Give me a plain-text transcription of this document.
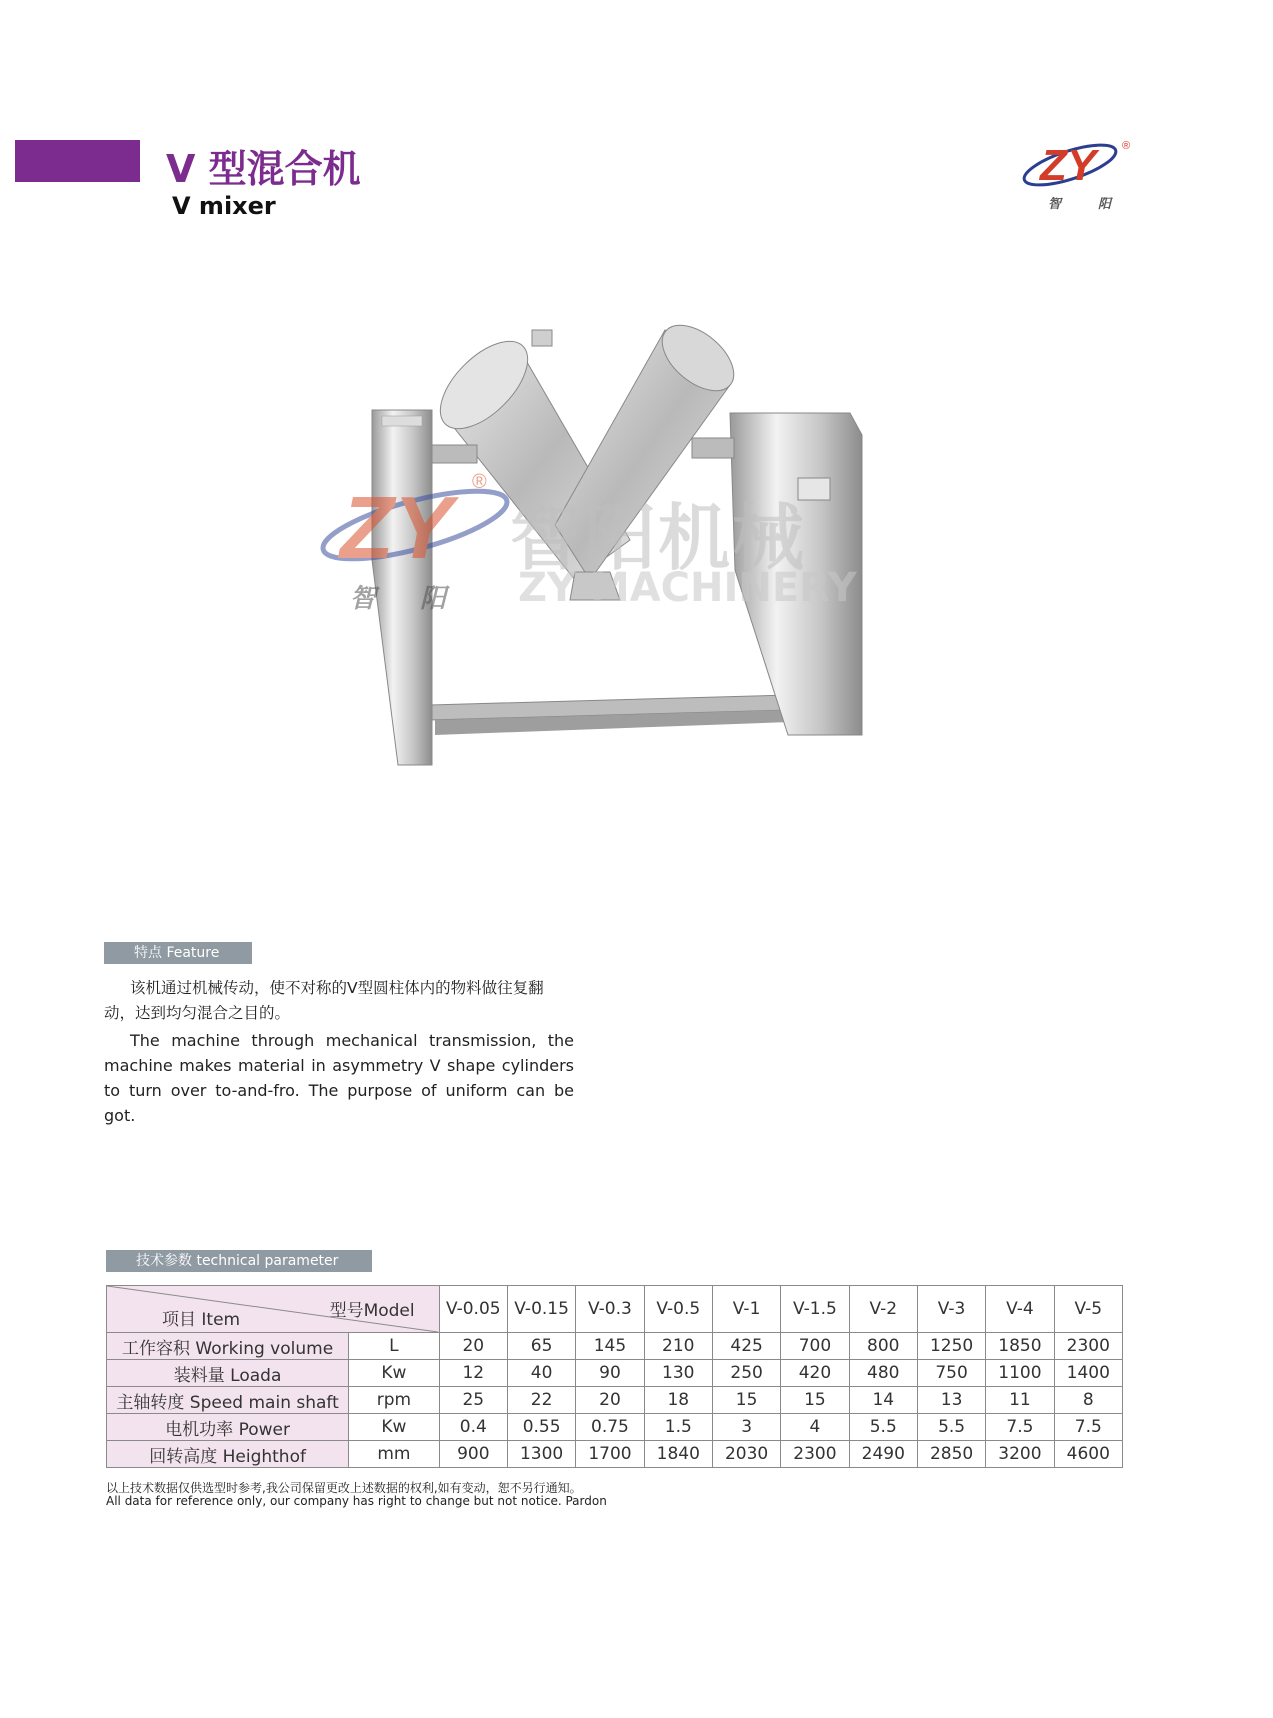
V 型混合机
V mixer
ZY	®
智	阳
ZY ®
智阳机械
ZY MACHINERY
智 阳
特点 Feature
该机通过机械传动，使不对称的V型圆柱体内的物料做往复翻动，达到均匀混合之目的。
The machine through mechanical transmission, the machine makes material in asymmetry V shape cylinders to turn over to-and-fro. The purpose of uniform can be got.
技术参数 technical parameter
型号Model
项目 Item		V-0.05	V-0.15	V-0.3	V-0.5	V-1	V-1.5	V-2	V-3	V-4	V-5
工作容积 Working volume	L	20	65	145	210	425	700	800	1250	1850	2300
装料量 Loada	Kw	12	40	90	130	250	420	480	750	1100	1400
主轴转度 Speed main shaft	rpm	25	22	20	18	15	15	14	13	11	8
电机功率 Power	Kw	0.4	0.55	0.75	1.5	3	4	5.5	5.5	7.5	7.5
回转高度 Heighthof	mm	900	1300	1700	1840	2030	2300	2490	2850	3200	4600
以上技术数据仅供选型时参考,我公司保留更改上述数据的权利,如有变动，恕不另行通知。
All data for reference only, our company has right to change but not notice. Pardon
